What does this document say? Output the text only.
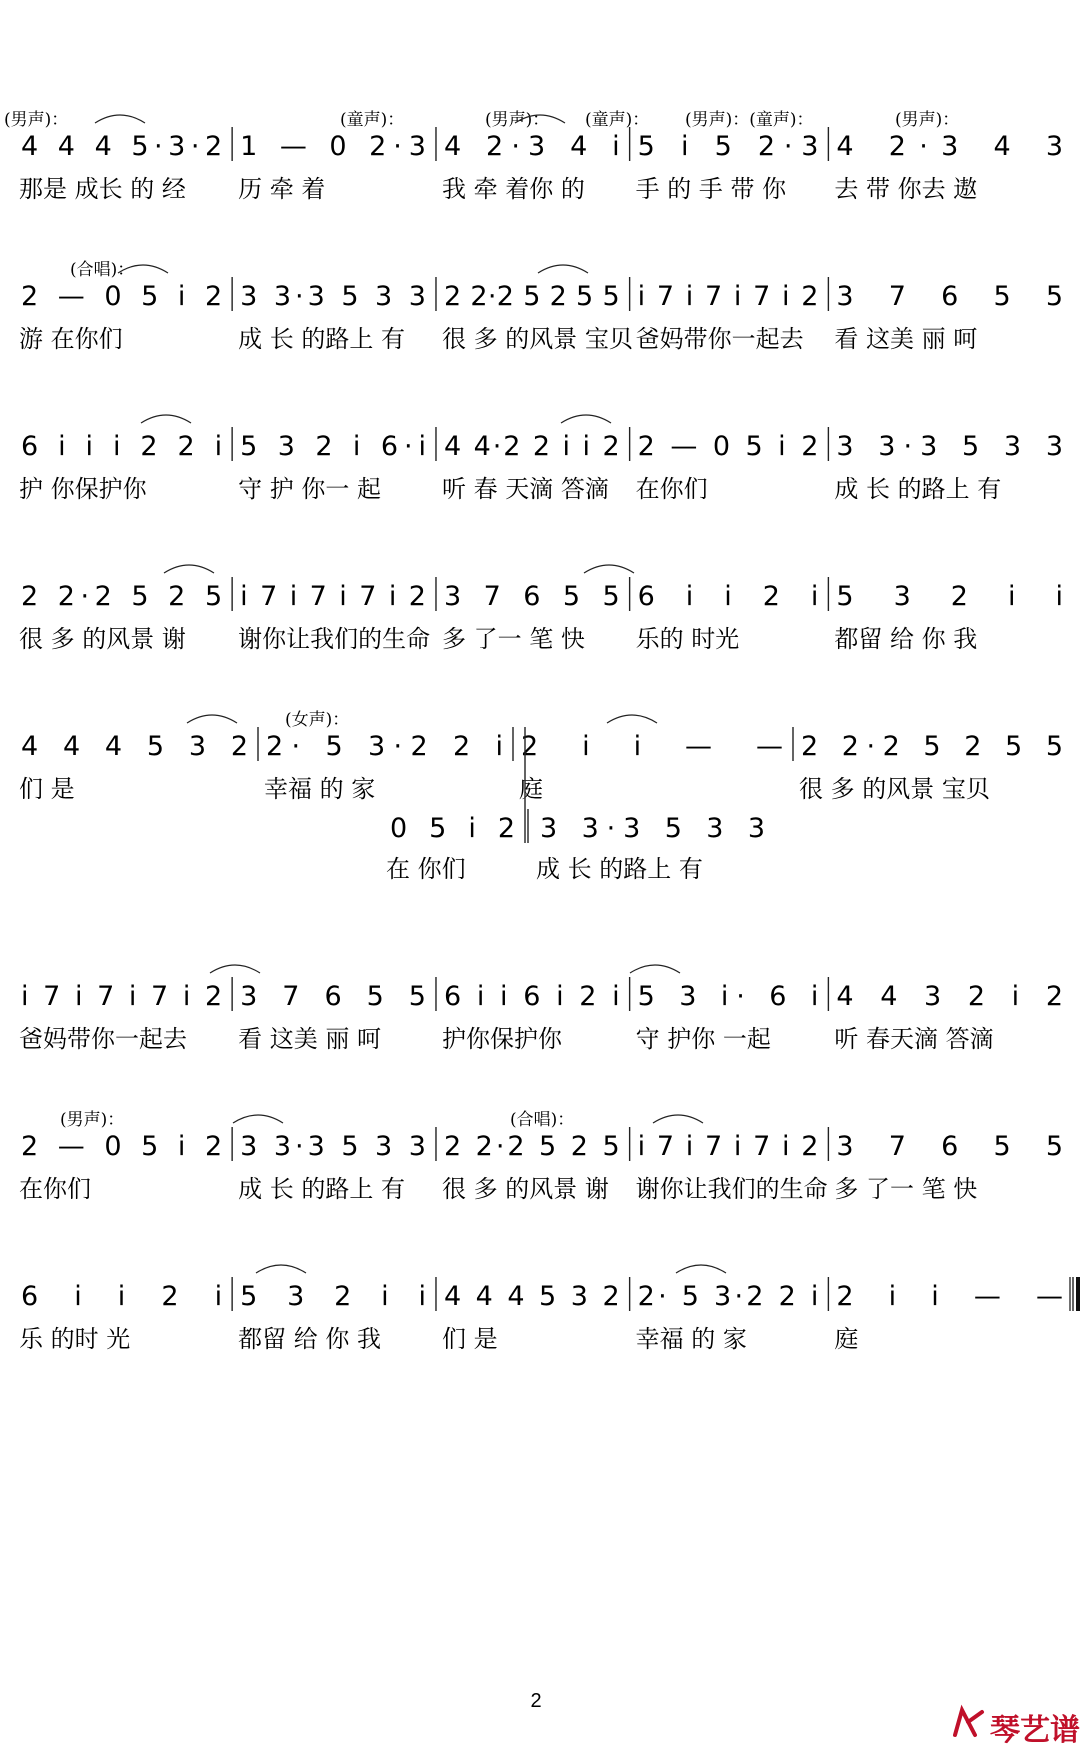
(男声)：	(童声)：	(男声)： (童声)： (男声)：(童声)：	(男声)：
4 4 4 5·3·2
那是 成长 的 经
1 — 0 2·3
历 牵 着
4 2·3 4 i
我 牵 着你 的
5 i 5 2·3
手 的 手 带 你
4 2·3 4 3
去 带 你去 遨
(合唱)：
2 — 0 5 i 2
游 在你们
3 3·3 5 3 3
成 长 的路上 有
2 2·2 5 2 5 5
很 多 的风景 宝贝
i 7 i 7 i 7 i 2
爸妈带你一起去
3 7 6 5 5
看 这美 丽 呵
6 i i i 2 2 i
护 你保护你
5 3 2 i 6·i
守 护 你一 起
4 4·2 2 i i 2
听 春 天滴 答滴
2 — 0 5 i 2
在你们
3 3·3 5 3 3
成 长 的路上 有
2 2·2 5 2 5
很 多 的风景 谢
i 7 i 7 i 7 i 2
谢你让我们的生命
3 7 6 5 5
多 了一 笔 快
6 i i 2 i
乐的 时光
5 3 2 i i
都留 给 你 我
(女声)：
4 4 4 5 3 2
们 是
2· 5 3·2 2 i
幸福 的 家
2 i i — —
庭
2 2·2 5 2 5 5
很 多 的风景 宝贝
0 5 i 2
在 你们
3 3·3 5 3 3
成 长 的路上 有
i 7 i 7 i 7 i 2
爸妈带你一起去
3 7 6 5 5
看 这美 丽 呵
6 i i 6 i 2 i
护你保护你
5 3 i· 6 i
守 护你 一起
4 4 3 2 i 2
听 春天滴 答滴
(男声)：	(合唱)：
2 — 0 5 i 2
在你们
3 3·3 5 3 3
成 长 的路上 有
2 2·2 5 2 5
很 多 的风景 谢
i 7 i 7 i 7 i 2
谢你让我们的生命
3 7 6 5 5
多 了一 笔 快
6 i i 2 i
乐 的时 光
5 3 2 i i
都留 给 你 我
4 4 4 5 3 2
们 是
2· 5 3·2 2 i
幸福 的 家
2 i i — —
庭
2
琴艺谱
